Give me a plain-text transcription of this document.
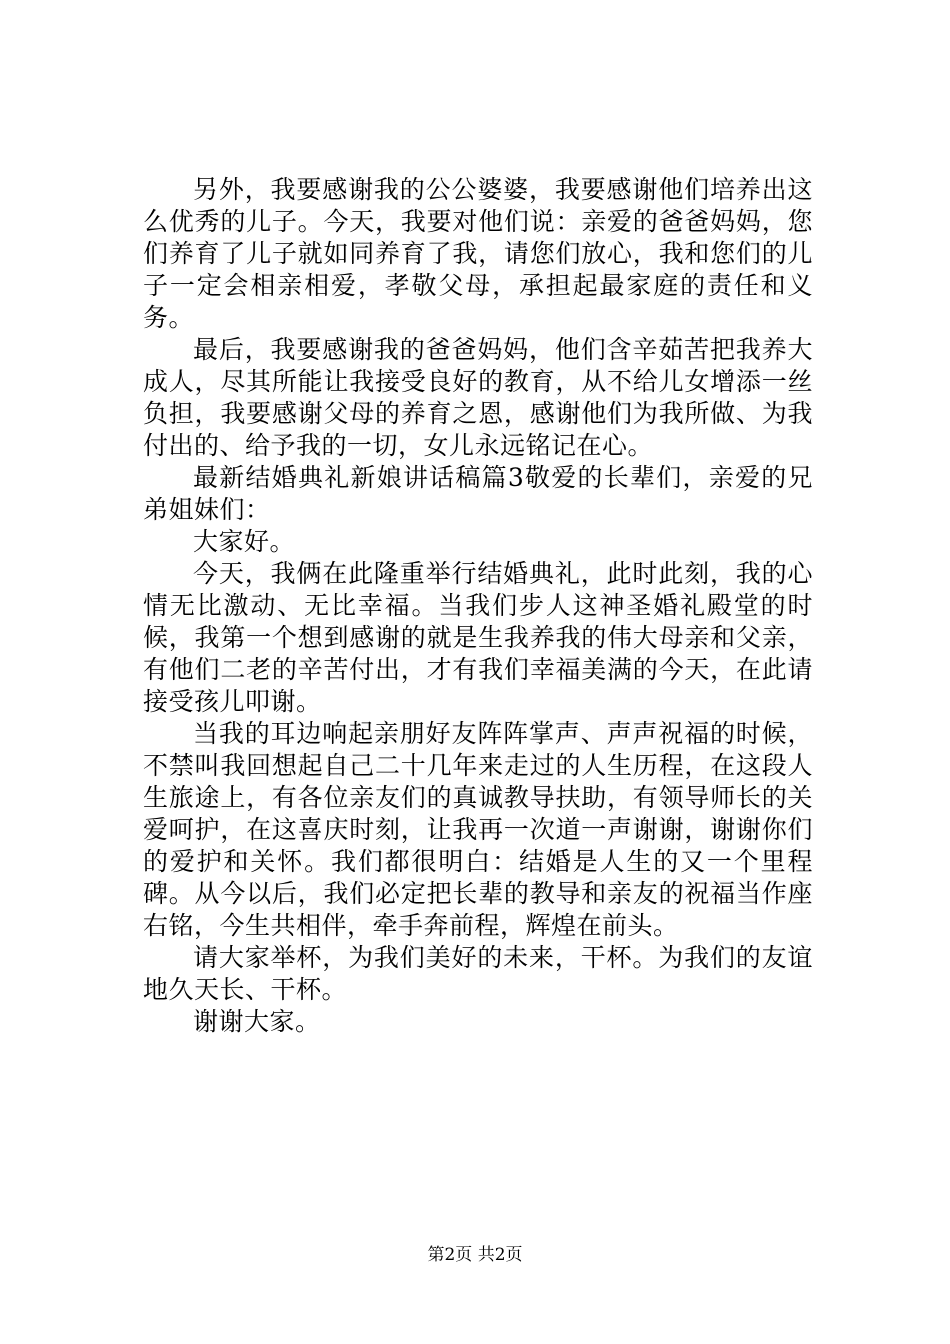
另外，我要感谢我的公公婆婆，我要感谢他们培养出这么优秀的儿子。今天，我要对他们说：亲爱的爸爸妈妈，您们养育了儿子就如同养育了我，请您们放心，我和您们的儿子一定会相亲相爱，孝敬父母，承担起最家庭的责任和义务。

最后，我要感谢我的爸爸妈妈，他们含辛茹苦把我养大成人，尽其所能让我接受良好的教育，从不给儿女增添一丝负担，我要感谢父母的养育之恩，感谢他们为我所做、为我付出的、给予我的一切，女儿永远铭记在心。

最新结婚典礼新娘讲话稿篇3敬爱的长辈们，亲爱的兄弟姐妹们：

大家好。

今天，我俩在此隆重举行结婚典礼，此时此刻，我的心情无比激动、无比幸福。当我们步人这神圣婚礼殿堂的时候，我第一个想到感谢的就是生我养我的伟大母亲和父亲，有他们二老的辛苦付出，才有我们幸福美满的今天，在此请接受孩儿叩谢。

当我的耳边响起亲朋好友阵阵掌声、声声祝福的时候，不禁叫我回想起自己二十几年来走过的人生历程，在这段人生旅途上，有各位亲友们的真诚教导扶助，有领导师长的关爱呵护，在这喜庆时刻，让我再一次道一声谢谢，谢谢你们的爱护和关怀。我们都很明白：结婚是人生的又一个里程碑。从今以后，我们必定把长辈的教导和亲友的祝福当作座右铭，今生共相伴，牵手奔前程，辉煌在前头。

请大家举杯，为我们美好的未来，干杯。为我们的友谊地久天长、干杯。

谢谢大家。

第2页 共2页
